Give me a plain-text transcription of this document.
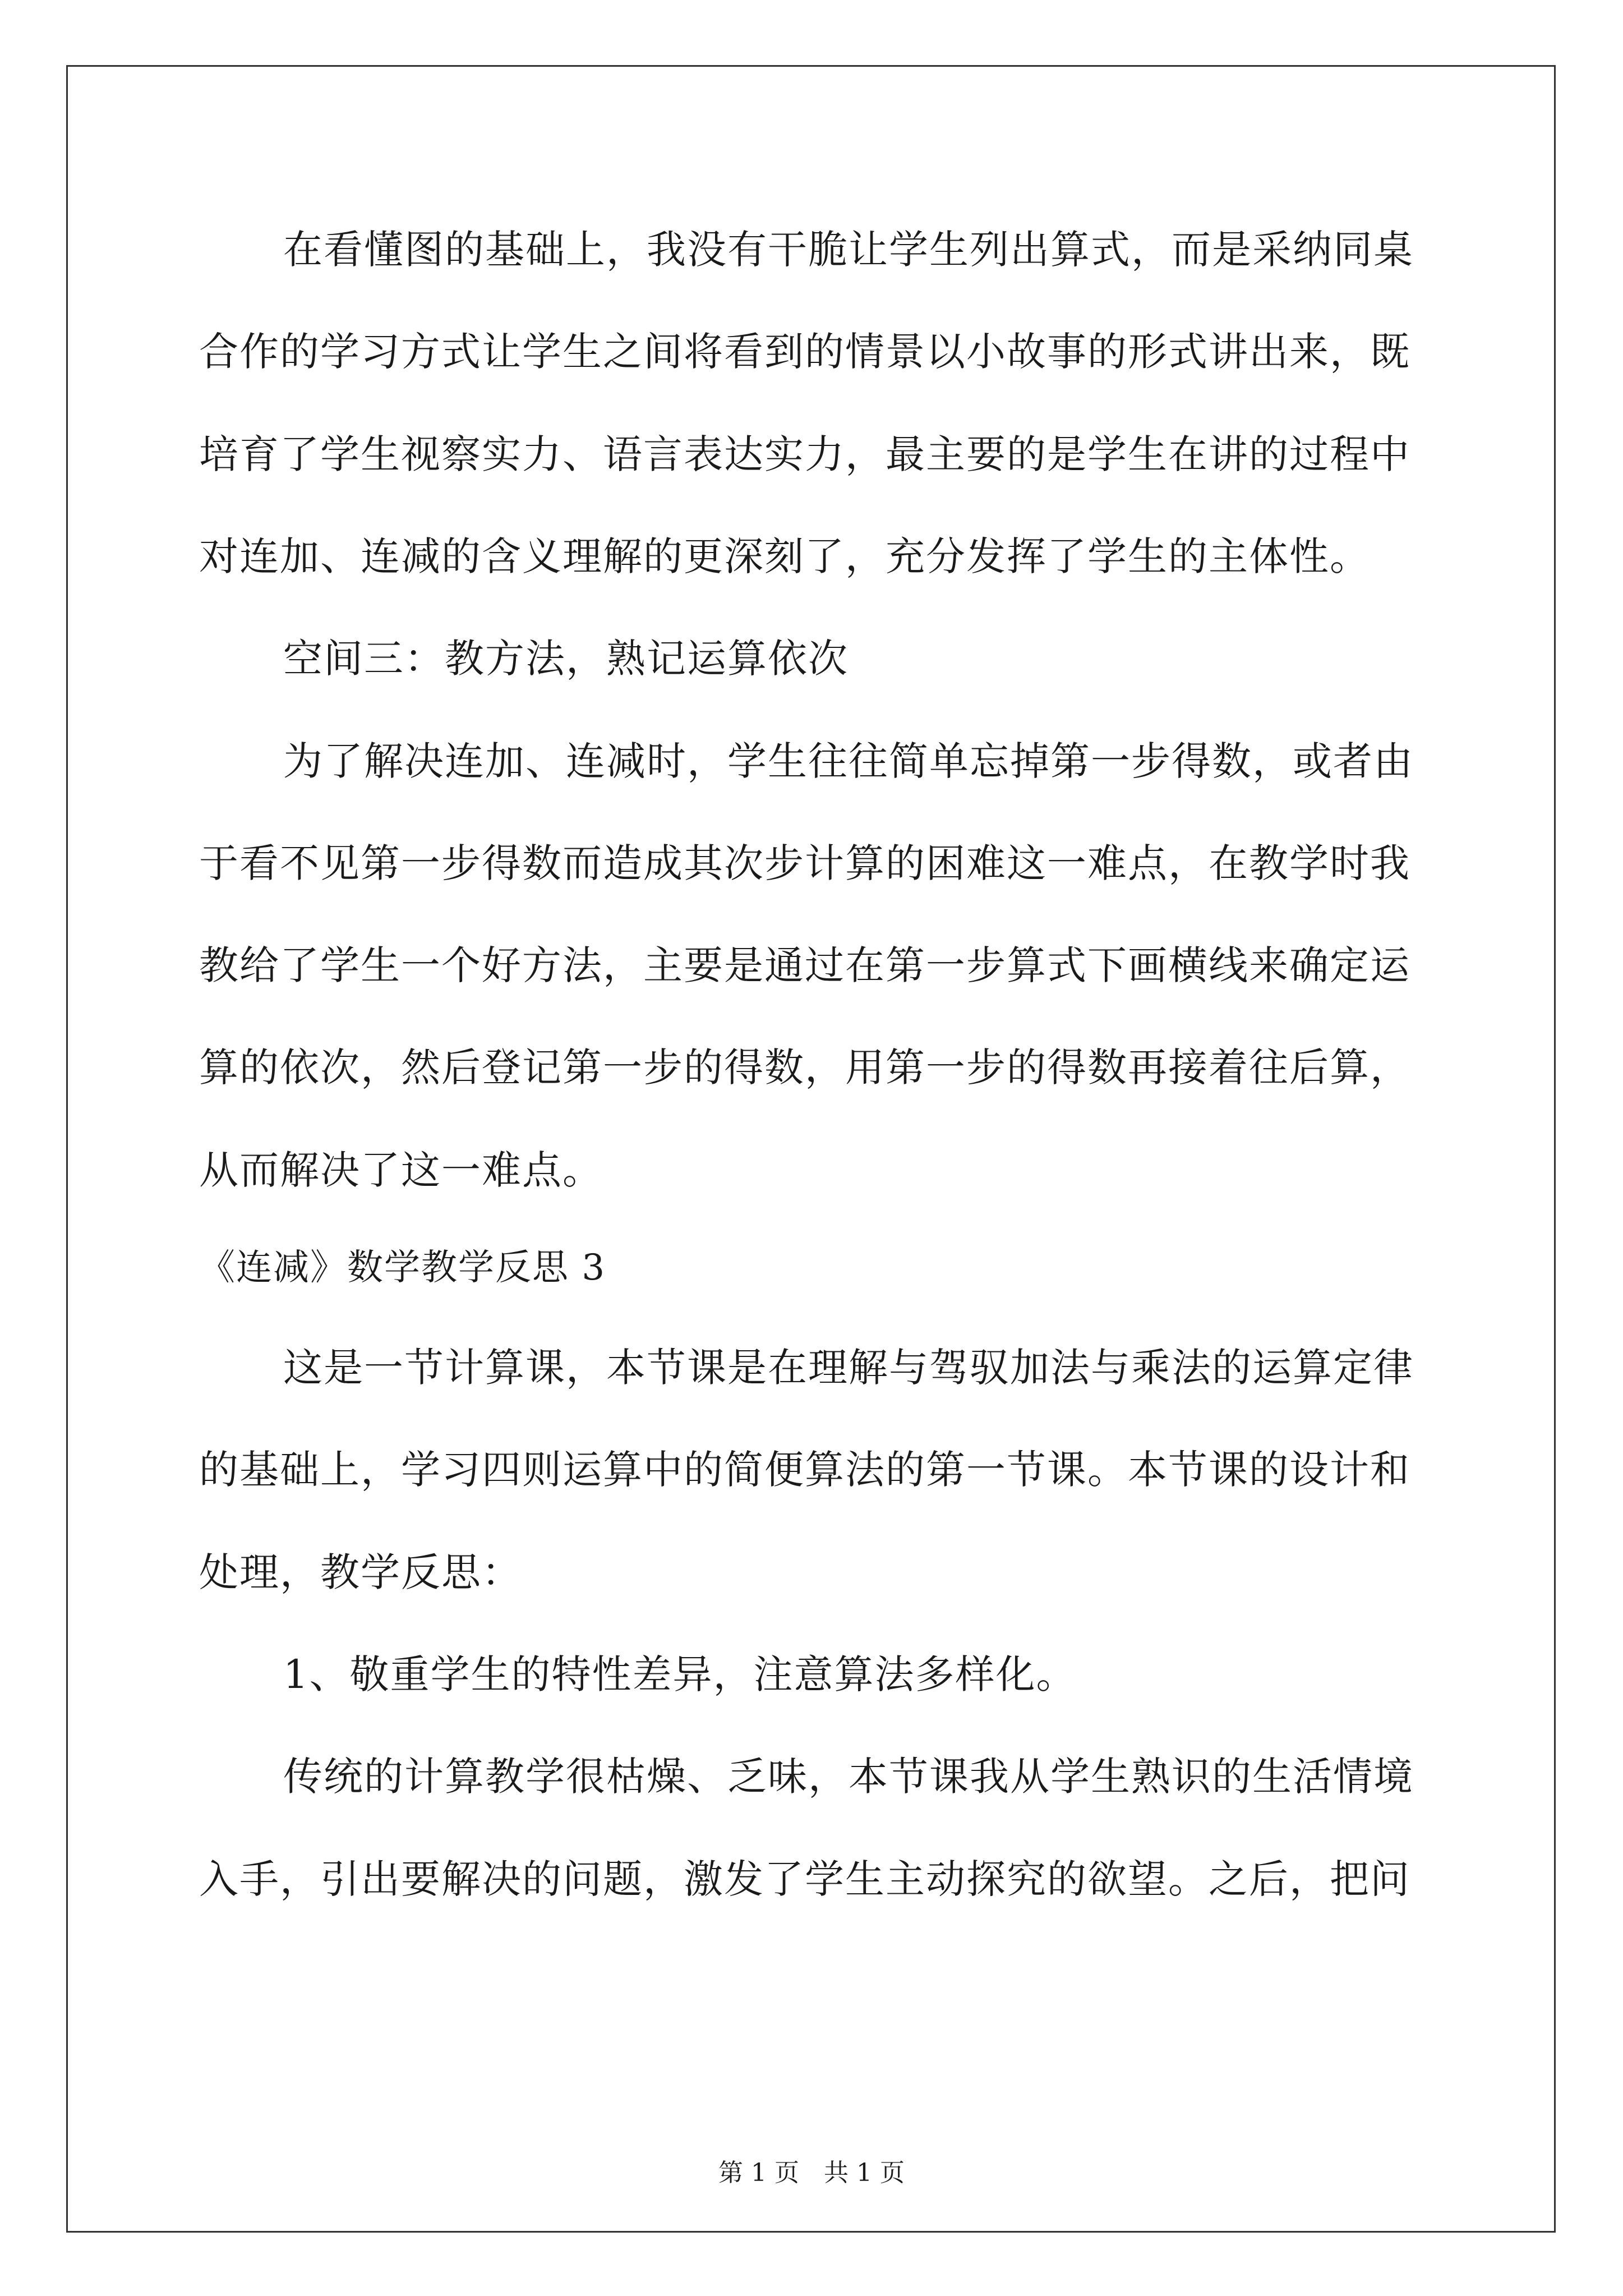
在看懂图的基础上，我没有干脆让学生列出算式，而是采纳同桌
合作的学习方式让学生之间将看到的情景以小故事的形式讲出来，既
培育了学生视察实力、语言表达实力，最主要的是学生在讲的过程中
对连加、连减的含义理解的更深刻了，充分发挥了学生的主体性。
空间三：教方法，熟记运算依次
为了解决连加、连减时，学生往往简单忘掉第一步得数，或者由
于看不见第一步得数而造成其次步计算的困难这一难点，在教学时我
教给了学生一个好方法，主要是通过在第一步算式下画横线来确定运
算的依次，然后登记第一步的得数，用第一步的得数再接着往后算，
从而解决了这一难点。
《连减》数学教学反思 3
这是一节计算课，本节课是在理解与驾驭加法与乘法的运算定律
的基础上，学习四则运算中的简便算法的第一节课。本节课的设计和
处理，教学反思：
1、敬重学生的特性差异，注意算法多样化。
传统的计算教学很枯燥、乏味，本节课我从学生熟识的生活情境
入手，引出要解决的问题，激发了学生主动探究的欲望。之后，把问
第 1 页　共 1 页
